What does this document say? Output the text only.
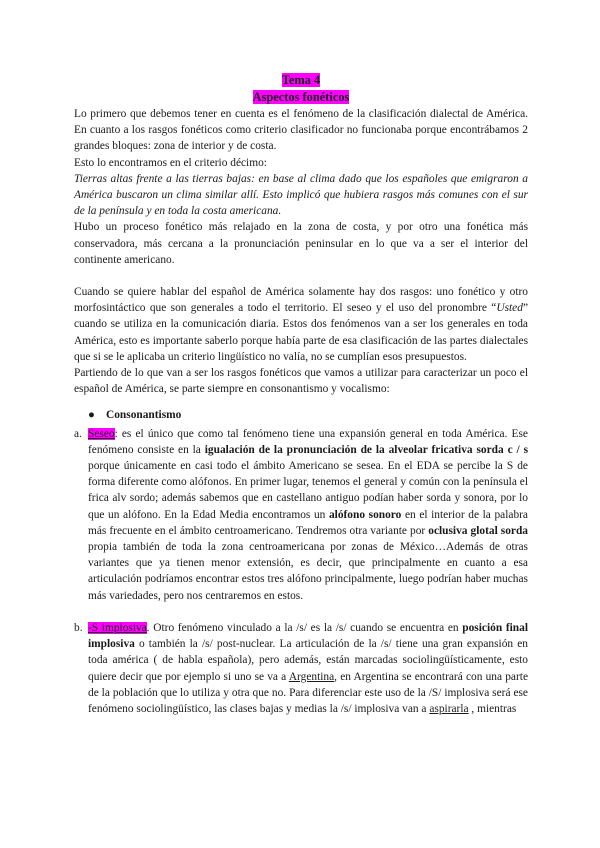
Tema 4
Aspectos fonéticos

Lo primero que debemos tener en cuenta es el fenómeno de la clasificación dialectal de América. En cuanto a los rasgos fonéticos como criterio clasificador no funcionaba porque encontrábamos 2 grandes bloques: zona de interior y de costa.

Esto lo encontramos en el criterio décimo:

Tierras altas frente a las tierras bajas: en base al clima dado que los españoles que emigraron a América buscaron un clima similar allí. Esto implicó que hubiera rasgos más comunes con el sur de la península y en toda la costa americana.

Hubo un proceso fonético más relajado en la zona de costa, y por otro una fonética más conservadora, más cercana a la pronunciación peninsular en lo que va a ser el interior del continente americano.

Cuando se quiere hablar del español de América solamente hay dos rasgos: uno fonético y otro morfosintáctico que son generales a todo el territorio. El seseo y el uso del pronombre “Usted” cuando se utiliza en la comunicación diaria. Estos dos fenómenos van a ser los generales en toda América, esto es importante saberlo porque había parte de esa clasificación de las partes dialectales que si se le aplicaba un criterio lingüístico no valía, no se cumplían esos presupuestos.

Partiendo de lo que van a ser los rasgos fonéticos que vamos a utilizar para caracterizar un poco el español de América, se parte siempre en consonantismo y vocalismo:

● Consonantismo
a. Seseo: es el único que como tal fenómeno tiene una expansión general en toda América. Ese fenómeno consiste en la igualación de la pronunciación de la alveolar fricativa sorda c / s porque únicamente en casi todo el ámbito Americano se sesea. En el EDA se percibe la S de forma diferente como alófonos. En primer lugar, tenemos el general y común con la península el frica alv sordo; además sabemos que en castellano antiguo podían haber sorda y sonora, por lo que un alófono. En la Edad Media encontramos un alófono sonoro en el interior de la palabra más frecuente en el ámbito centroamericano. Tendremos otra variante por oclusiva glotal sorda propia también de toda la zona centroamericana por zonas de México…Además de otras variantes que ya tienen menor extensión, es decir, que principalmente en cuanto a esa articulación podríamos encontrar estos tres alófono principalmente, luego podrían haber muchas más variedades, pero nos centraremos en estos.

b. -S implosiva. Otro fenómeno vinculado a la /s/ es la /s/ cuando se encuentra en posición final implosiva o también la /s/ post-nuclear. La articulación de la /s/ tiene una gran expansión en toda américa ( de habla española), pero además, están marcadas sociolingüísticamente, esto quiere decir que por ejemplo si uno se va a Argentina, en Argentina se encontrará con una parte de la población que lo utiliza y otra que no. Para diferenciar este uso de la /S/ implosiva será ese fenómeno sociolingüístico, las clases bajas y medias la /s/ implosiva van a aspirarla , mientras
